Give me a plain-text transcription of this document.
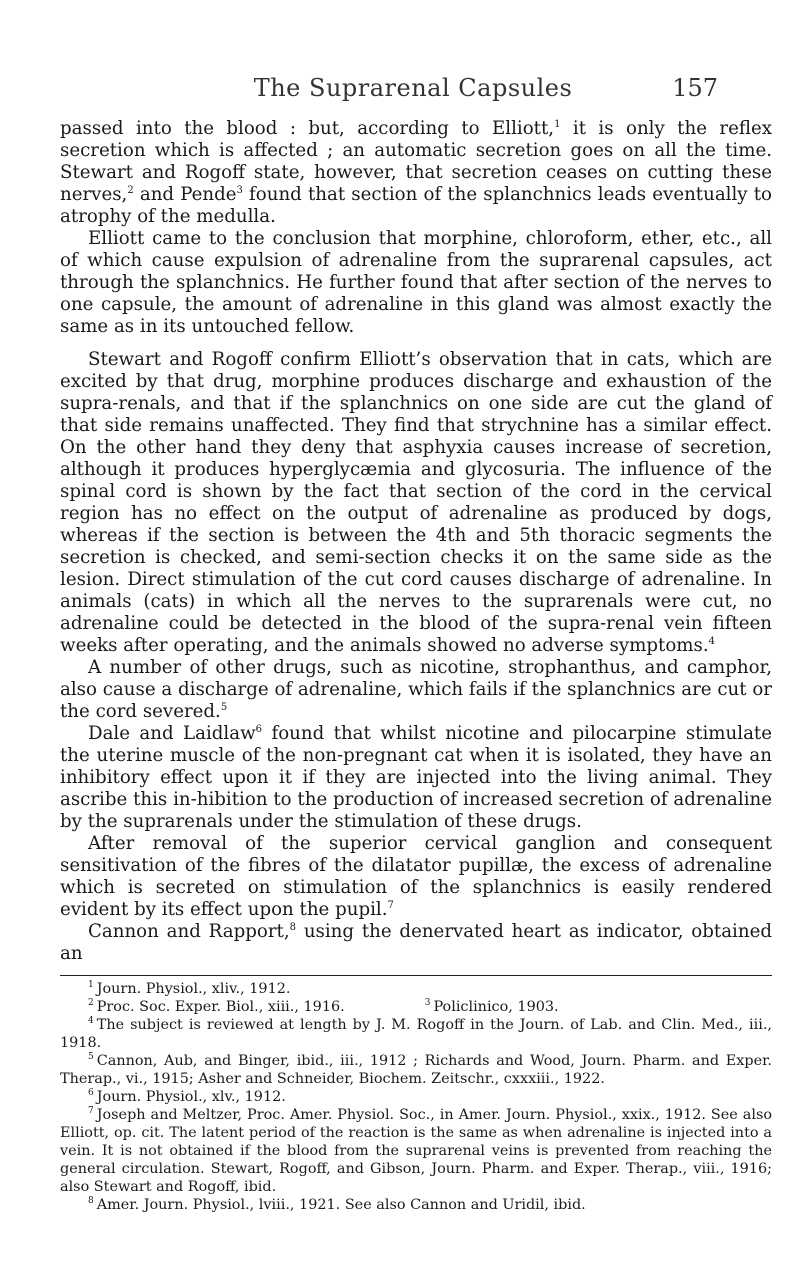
The Suprarenal Capsules	157

passed into the blood : but, according to Elliott,$^1$ it is only the reflex secretion which is affected ; an automatic secretion goes on all the time. Stewart and Rogoff state, however, that secretion ceases on cutting these nerves,$^2$ and Pende$^3$ found that section of the splanchnics leads eventually to atrophy of the medulla.

Elliott came to the conclusion that morphine, chloroform, ether, etc., all of which cause expulsion of adrenaline from the suprarenal capsules, act through the splanchnics. He further found that after section of the nerves to one capsule, the amount of adrenaline in this gland was almost exactly the same as in its untouched fellow.

Stewart and Rogoff confirm Elliott’s observation that in cats, which are excited by that drug, morphine produces discharge and exhaustion of the supra-renals, and that if the splanchnics on one side are cut the gland of that side remains unaffected. They find that strychnine has a similar effect. On the other hand they deny that asphyxia causes increase of secretion, although it produces hyperglycæmia and glycosuria. The influence of the spinal cord is shown by the fact that section of the cord in the cervical region has no effect on the output of adrenaline as produced by dogs, whereas if the section is between the 4th and 5th thoracic segments the secretion is checked, and semi-section checks it on the same side as the lesion. Direct stimulation of the cut cord causes discharge of adrenaline. In animals (cats) in which all the nerves to the suprarenals were cut, no adrenaline could be detected in the blood of the supra-renal vein fifteen weeks after operating, and the animals showed no adverse symptoms.$^4$

A number of other drugs, such as nicotine, strophanthus, and camphor, also cause a discharge of adrenaline, which fails if the splanchnics are cut or the cord severed.$^5$

Dale and Laidlaw$^6$ found that whilst nicotine and pilocarpine stimulate the uterine muscle of the non-pregnant cat when it is isolated, they have an inhibitory effect upon it if they are injected into the living animal. They ascribe this in-hibition to the production of increased secretion of adrenaline by the suprarenals under the stimulation of these drugs.

After removal of the superior cervical ganglion and consequent sensitivation of the fibres of the dilatator pupillæ, the excess of adrenaline which is secreted on stimulation of the splanchnics is easily rendered evident by its effect upon the pupil.$^7$

Cannon and Rapport,$^8$ using the denervated heart as indicator, obtained an

$^1$ Journ. Physiol., xliv., 1912.

$^2$ Proc. Soc. Exper. Biol., xiii., 1916.	$^3$ Policlinico, 1903.

$^4$ The subject is reviewed at length by J. M. Rogoff in the Journ. of Lab. and Clin. Med., iii., 1918.

$^5$ Cannon, Aub, and Binger, ibid., iii., 1912 ; Richards and Wood, Journ. Pharm. and Exper. Therap., vi., 1915; Asher and Schneider, Biochem. Zeitschr., cxxxiii., 1922.

$^6$ Journ. Physiol., xlv., 1912.

$^7$ Joseph and Meltzer, Proc. Amer. Physiol. Soc., in Amer. Journ. Physiol., xxix., 1912. See also Elliott, op. cit. The latent period of the reaction is the same as when adrenaline is injected into a vein. It is not obtained if the blood from the suprarenal veins is prevented from reaching the general circulation. Stewart, Rogoff, and Gibson, Journ. Pharm. and Exper. Therap., viii., 1916; also Stewart and Rogoff, ibid.

$^8$ Amer. Journ. Physiol., lviii., 1921. See also Cannon and Uridil, ibid.
